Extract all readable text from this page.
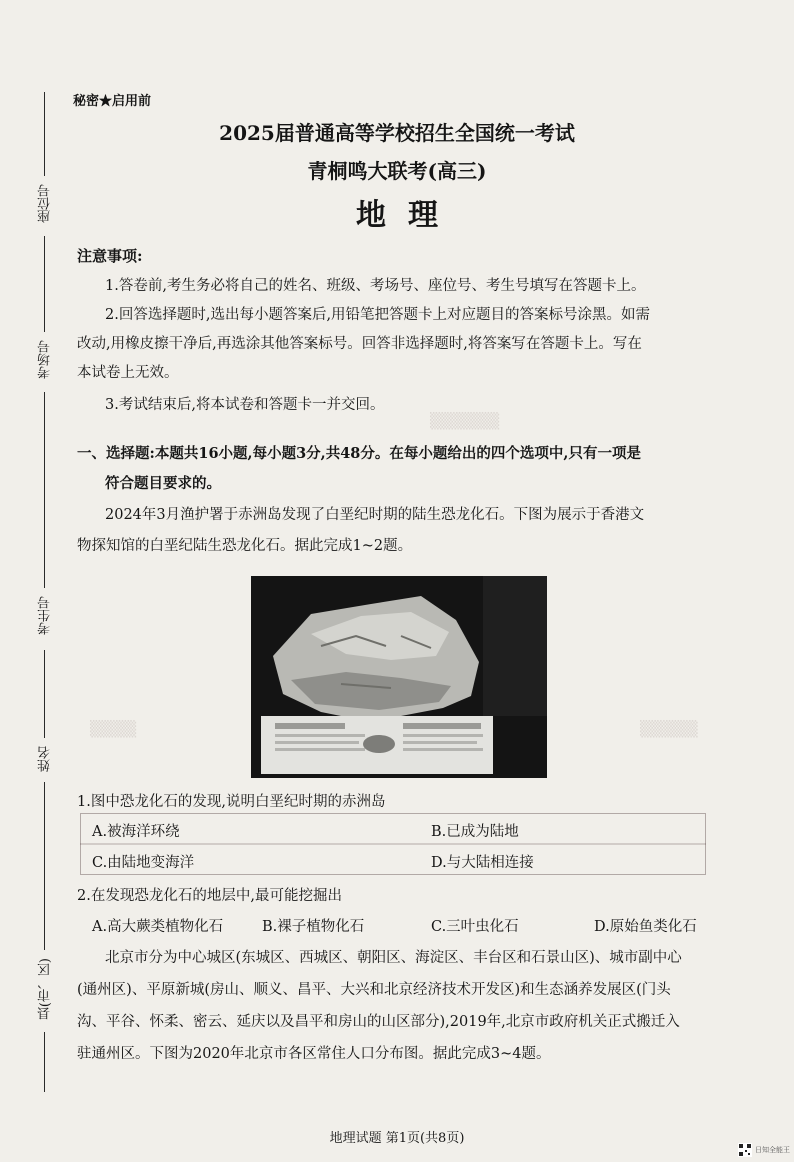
▒▒▒▒▒▒
▒▒▒▒▒
▒▒▒▒
座位号
考场号
考生号
姓名
县(市、区)
秘密★启用前
2025届普通高等学校招生全国统一考试
青桐鸣大联考(高三)
地理
注意事项:
1.答卷前,考生务必将自己的姓名、班级、考场号、座位号、考生号填写在答题卡上。
2.回答选择题时,选出每小题答案后,用铅笔把答题卡上对应题目的答案标号涂黑。如需
改动,用橡皮擦干净后,再选涂其他答案标号。回答非选择题时,将答案写在答题卡上。写在
本试卷上无效。
3.考试结束后,将本试卷和答题卡一并交回。
一、选择题:本题共16小题,每小题3分,共48分。在每小题给出的四个选项中,只有一项是
符合题目要求的。
2024年3月渔护署于赤洲岛发现了白垩纪时期的陆生恐龙化石。下图为展示于香港文
物探知馆的白垩纪陆生恐龙化石。据此完成1~2题。
1.图中恐龙化石的发现,说明白垩纪时期的赤洲岛
A.被海洋环绕	B.已成为陆地
C.由陆地变海洋	D.与大陆相连接
2.在发现恐龙化石的地层中,最可能挖掘出
A.高大蕨类植物化石	B.裸子植物化石	C.三叶虫化石	D.原始鱼类化石
北京市分为中心城区(东城区、西城区、朝阳区、海淀区、丰台区和石景山区)、城市副中心
(通州区)、平原新城(房山、顺义、昌平、大兴和北京经济技术开发区)和生态涵养发展区(门头
沟、平谷、怀柔、密云、延庆以及昌平和房山的山区部分),2019年,北京市政府机关正式搬迁入
驻通州区。下图为2020年北京市各区常住人口分布图。据此完成3~4题。
地理试题 第1页(共8页)
日知全能王
